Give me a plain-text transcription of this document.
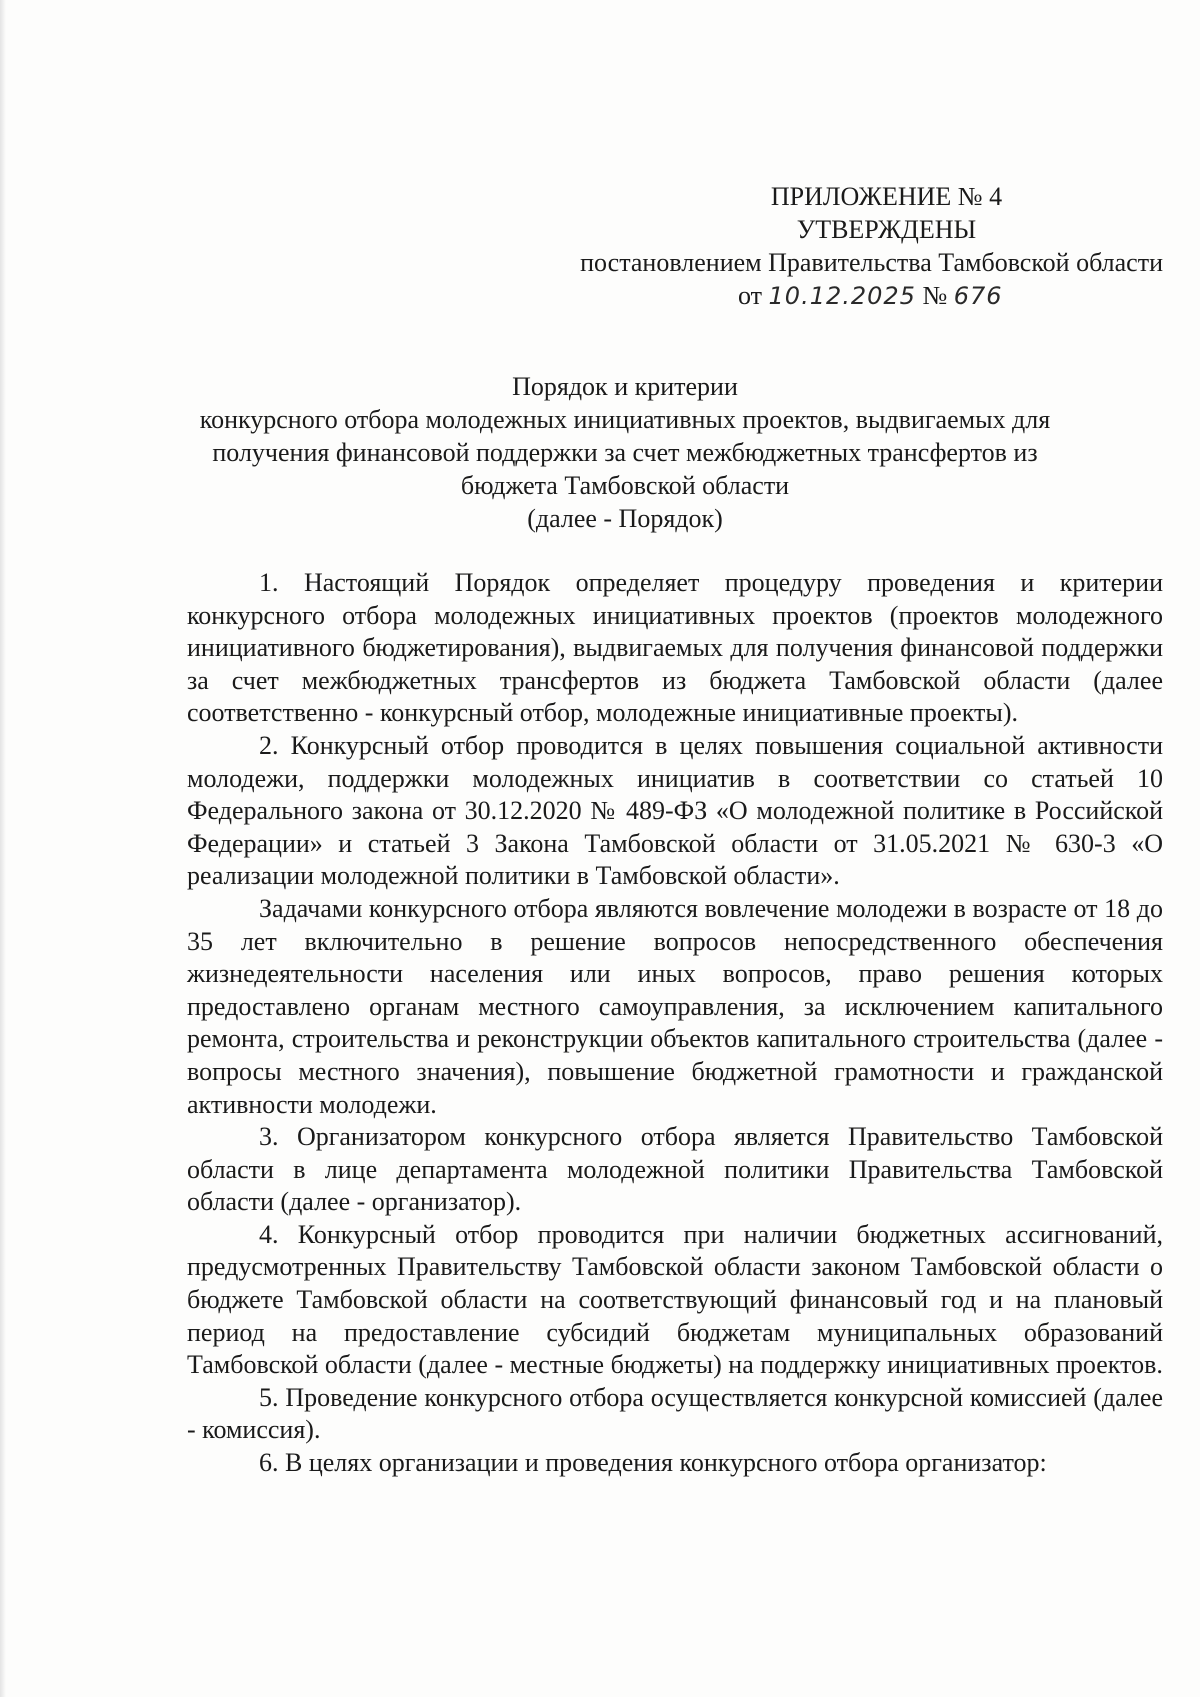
ПРИЛОЖЕНИЕ № 4
УТВЕРЖДЕНЫ
постановлением Правительства Тамбовской области
от 10.12.2025 № 676
Порядок и критерии
конкурсного отбора молодежных инициативных проектов, выдвигаемых для
получения финансовой поддержки за счет межбюджетных трансфертов из
бюджета Тамбовской области
(далее - Порядок)

1. Настоящий Порядок определяет процедуру проведения и критерии конкурсного отбора молодежных инициативных проектов (проектов молодежного инициативного бюджетирования), выдвигаемых для получения финансовой поддержки за счет межбюджетных трансфертов из бюджета Тамбовской области (далее соответственно - конкурсный отбор, молодежные инициативные проекты).

2. Конкурсный отбор проводится в целях повышения социальной активности молодежи, поддержки молодежных инициатив в соответствии со статьей 10 Федерального закона от 30.12.2020 № 489-ФЗ «О молодежной политике в Российской Федерации» и статьей 3 Закона Тамбовской области от 31.05.2021 № 630-3 «О реализации молодежной политики в Тамбовской области».

Задачами конкурсного отбора являются вовлечение молодежи в возрасте от 18 до 35 лет включительно в решение вопросов непосредственного обеспечения жизнедеятельности населения или иных вопросов, право решения которых предоставлено органам местного самоуправления, за исключением капитального ремонта, строительства и реконструкции объектов капитального строительства (далее - вопросы местного значения), повышение бюджетной грамотности и гражданской активности молодежи.

3. Организатором конкурсного отбора является Правительство Тамбовской области в лице департамента молодежной политики Правительства Тамбовской области (далее - организатор).

4. Конкурсный отбор проводится при наличии бюджетных ассигнований, предусмотренных Правительству Тамбовской области законом Тамбовской области о бюджете Тамбовской области на соответствующий финансовый год и на плановый период на предоставление субсидий бюджетам муниципальных образований Тамбовской области (далее - местные бюджеты) на поддержку инициативных проектов.

5. Проведение конкурсного отбора осуществляется конкурсной комиссией (далее - комиссия).

6. В целях организации и проведения конкурсного отбора организатор:
